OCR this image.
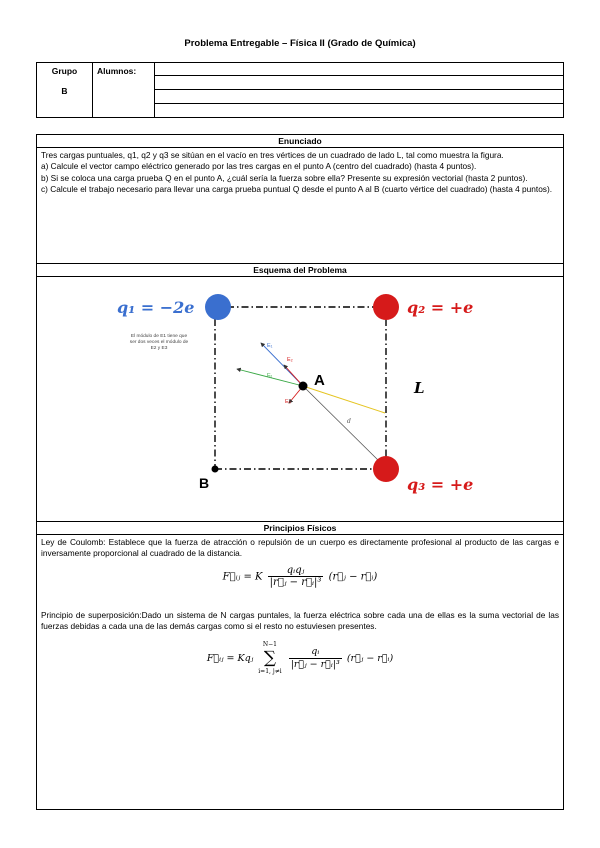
Problema Entregable – Física II (Grado de Química)
Grupo
B

Alumnos:

Enunciado

Tres cargas puntuales, q1, q2 y q3 se sitúan en el vacío en tres vértices de un cuadrado de lado L, tal como muestra la figura.

a) Calcule el vector campo eléctrico generado por las tres cargas en el punto A (centro del cuadrado) (hasta 4 puntos).

b) Si se coloca una carga prueba Q en el punto A, ¿cuál sería la fuerza sobre ella? Presente su expresión vectorial (hasta 2 puntos).

c) Calcule el trabajo necesario para llevar una carga prueba puntual Q desde el punto A al B (cuarto vértice del cuadrado) (hasta 4 puntos).

Esquema del Problema
d
E₁
E₂
E₃
Eₜ	A
B
q₁ = −2e	q₂ = +e
q₃ = +e
L
El módulo de E1 tiene que
ser dos veces el módulo de
E2 y E3
Principios Físicos

Ley de Coulomb: Establece que la fuerza de atracción o repulsión de un cuerpo es directamente profesional al producto de las cargas e inversamente proporcional al cuadrado de la distancia.

F⃗ᵢⱼ = K
qᵢqⱼ
|r⃗ⱼ − r⃗ᵢ|³
(r⃗ⱼ − r⃗ᵢ)

Principio de superposición:Dado un sistema de N cargas puntales, la fuerza eléctrica sobre cada una de ellas es la suma vectorial de las fuerzas debidas a cada una de las demás cargas como si el resto no estuviesen presentes.

F⃗ᵢⱼ = Kqⱼ
N−1
∑
i=1, j≠i

$\frac{\text{qᵢ}}{\text{|r⃗ⱼ − r⃗ᵢ|³}}$ (r⃗ⱼ − r⃗ᵢ)
